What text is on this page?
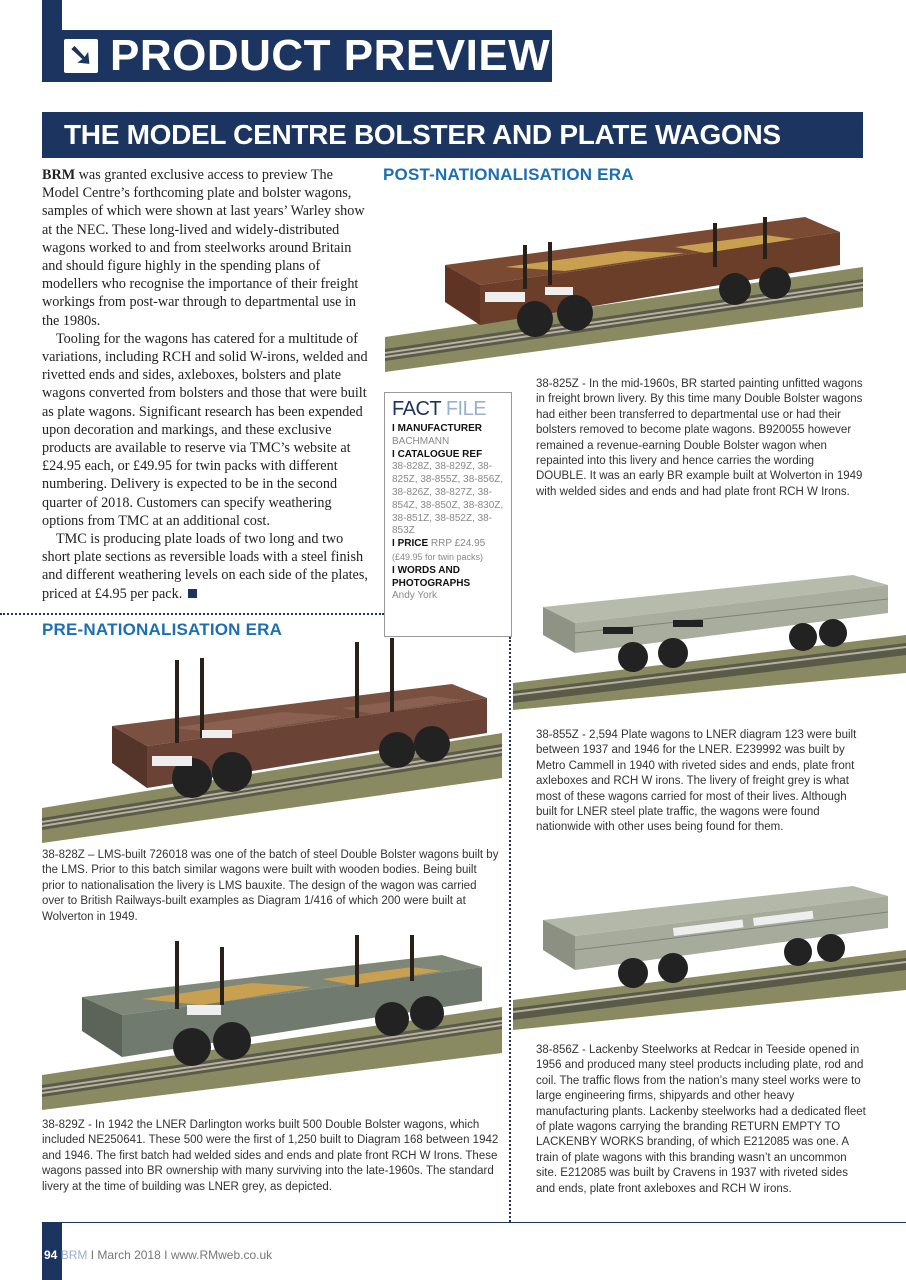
➘ PRODUCT PREVIEW
THE MODEL CENTRE BOLSTER AND PLATE WAGONS

BRM was granted exclusive access to preview The Model Centre’s forthcoming plate and bolster wagons, samples of which were shown at last years’ Warley show at the NEC. These long-lived and widely-distributed wagons worked to and from steelworks around Britain and should figure highly in the spending plans of modellers who recognise the importance of their freight workings from post-war through to departmental use in the 1980s.

Tooling for the wagons has catered for a multitude of variations, including RCH and solid W-irons, welded and rivetted ends and sides, axleboxes, bolsters and plate wagons converted from bolsters and those that were built as plate wagons. Significant research has been expended upon decoration and markings, and these exclusive products are available to reserve via TMC’s website at £24.95 each, or £49.95 for twin packs with different numbering. Delivery is expected to be in the second quarter of 2018. Customers can specify weathering options from TMC at an additional cost.

TMC is producing plate loads of two long and two short plate sections as reversible loads with a steel finish and different weathering levels on each side of the plates, priced at £4.95 per pack.

POST-NATIONALISATION ERA
PRE-NATIONALISATION ERA
FACT FILE
I MANUFACTURER
BACHMANN
I CATALOGUE REF
38-828Z, 38-829Z, 38-825Z, 38-855Z, 38-856Z, 38-826Z, 38-827Z, 38-854Z, 38-850Z, 38-830Z, 38-851Z, 38-852Z, 38-853Z
I PRICE RRP £24.95
(£49.95 for twin packs)
I WORDS AND PHOTOGRAPHS
Andy York
38-825Z - In the mid-1960s, BR started painting unfitted wagons in freight brown livery. By this time many Double Bolster wagons had either been transferred to departmental use or had their bolsters removed to become plate wagons. B920055 however remained a revenue-earning Double Bolster wagon when repainted into this livery and hence carries the wording DOUBLE. It was an early BR example built at Wolverton in 1949 with welded sides and ends and had plate front RCH W Irons.
38-855Z - 2,594 Plate wagons to LNER diagram 123 were built between 1937 and 1946 for the LNER. E239992 was built by Metro Cammell in 1940 with riveted sides and ends, plate front axleboxes and RCH W irons. The livery of freight grey is what most of these wagons carried for most of their lives. Although built for LNER steel plate traffic, the wagons were found nationwide with other uses being found for them.
38-828Z – LMS-built 726018 was one of the batch of steel Double Bolster wagons built by the LMS. Prior to this batch similar wagons were built with wooden bodies. Being built prior to nationalisation the livery is LMS bauxite. The design of the wagon was carried over to British Railways-built examples as Diagram 1/416 of which 200 were built at Wolverton in 1949.
38-856Z - Lackenby Steelworks at Redcar in Teeside opened in 1956 and produced many steel products including plate, rod and coil. The traffic flows from the nation’s many steel works were to large engineering firms, shipyards and other heavy manufacturing plants. Lackenby steelworks had a dedicated fleet of plate wagons carrying the branding RETURN EMPTY TO LACKENBY WORKS branding, of which E212085 was one. A train of plate wagons with this branding wasn’t an uncommon site. E212085 was built by Cravens in 1937 with riveted sides and ends, plate front axleboxes and RCH W irons.
38-829Z - In 1942 the LNER Darlington works built 500 Double Bolster wagons, which included NE250641. These 500 were the first of 1,250 built to Diagram 168 between 1942 and 1946. The first batch had welded sides and ends and plate front RCH W Irons. These wagons passed into BR ownership with many surviving into the late-1960s. The standard livery at the time of building was LNER grey, as depicted.
94 BRM I March 2018 I www.RMweb.co.uk
